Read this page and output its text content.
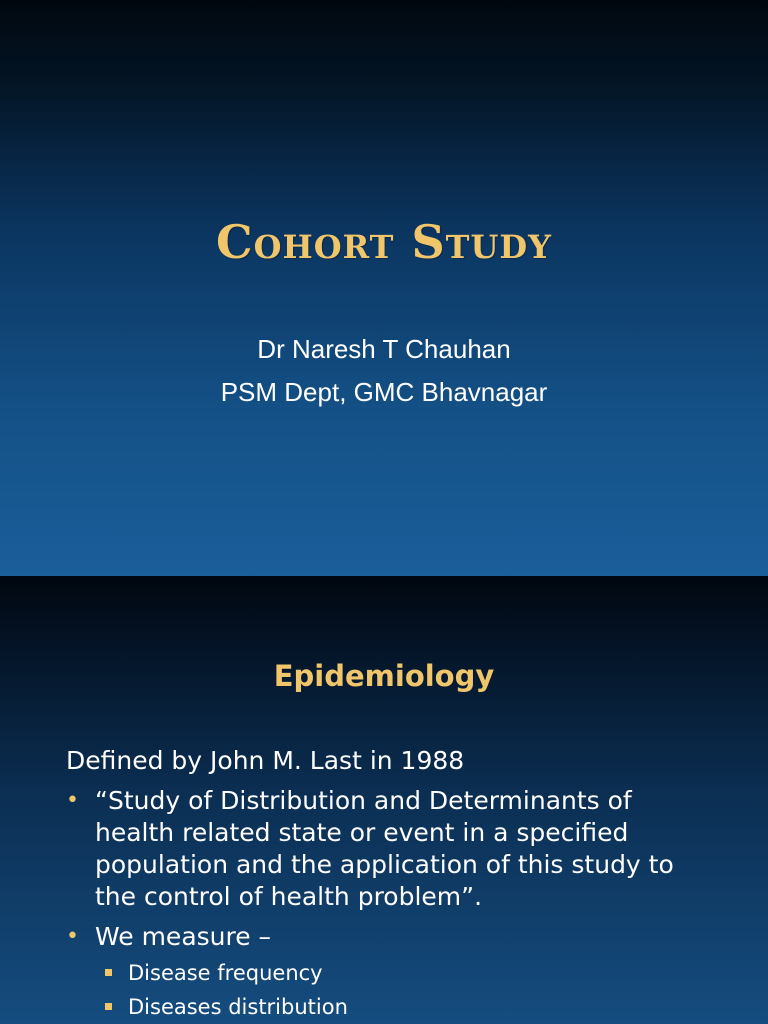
Cohort Study

Dr Naresh T Chauhan

PSM Dept, GMC Bhavnagar

Epidemiology

Defined by John M. Last in 1988

• “Study of Distribution and Determinants of health related state or event in a specified population and the application of this study to the control of health problem”.

• We measure –

Disease frequency

Diseases distribution
